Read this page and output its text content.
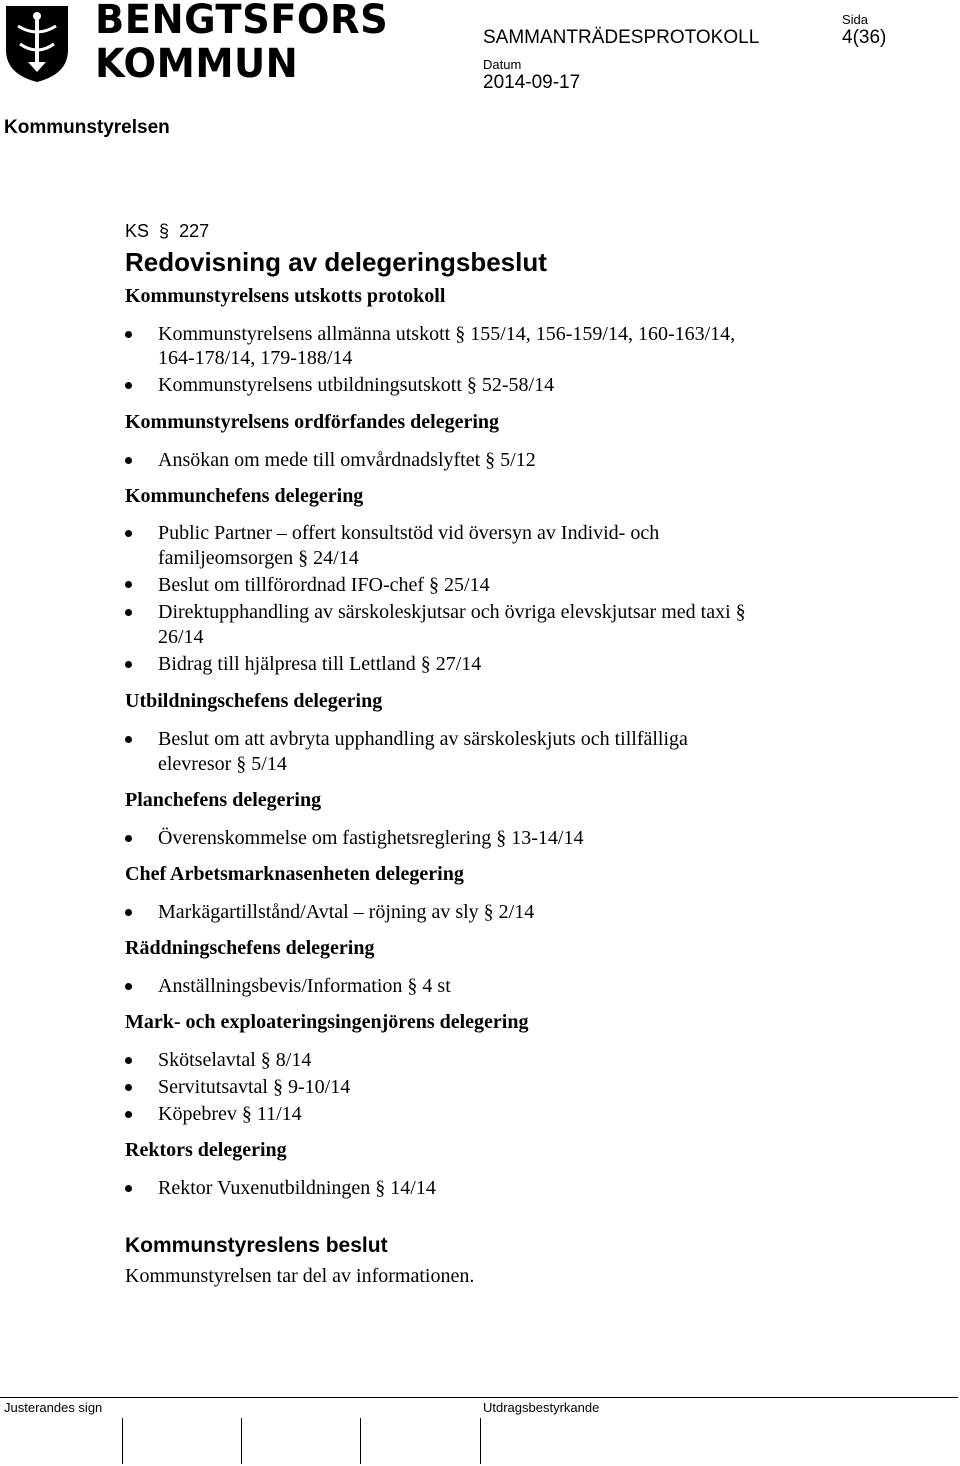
BENGTSFORS
KOMMUN
SAMMANTRÄDESPROTOKOLL
Sida
4(36)
Datum
2014-09-17
Kommunstyrelsen
KS  §  227
Redovisning av delegeringsbeslut
Kommunstyrelsens utskotts protokoll
Kommunstyrelsens allmänna utskott § 155/14, 156-159/14, 160-163/14,
164-178/14, 179-188/14
Kommunstyrelsens utbildningsutskott § 52-58/14
Kommunstyrelsens ordförfandes delegering
Ansökan om mede till omvårdnadslyftet § 5/12
Kommunchefens delegering
Public Partner – offert konsultstöd vid översyn av Individ- och
familjeomsorgen § 24/14
Beslut om tillförordnad IFO-chef § 25/14
Direktupphandling av särskoleskjutsar och övriga elevskjutsar med taxi §
26/14
Bidrag till hjälpresa till Lettland § 27/14
Utbildningschefens delegering
Beslut om att avbryta upphandling av särskoleskjuts och tillfälliga
elevresor § 5/14
Planchefens delegering
Överenskommelse om fastighetsreglering § 13-14/14
Chef Arbetsmarknasenheten delegering
Markägartillstånd/Avtal – röjning av sly § 2/14
Räddningschefens delegering
Anställningsbevis/Information § 4 st
Mark- och exploateringsingenjörens delegering
Skötselavtal § 8/14
Servitutsavtal § 9-10/14
Köpebrev § 11/14
Rektors delegering
Rektor Vuxenutbildningen § 14/14
Kommunstyreslens beslut
Kommunstyrelsen tar del av informationen.
Justerandes sign	Utdragsbestyrkande
